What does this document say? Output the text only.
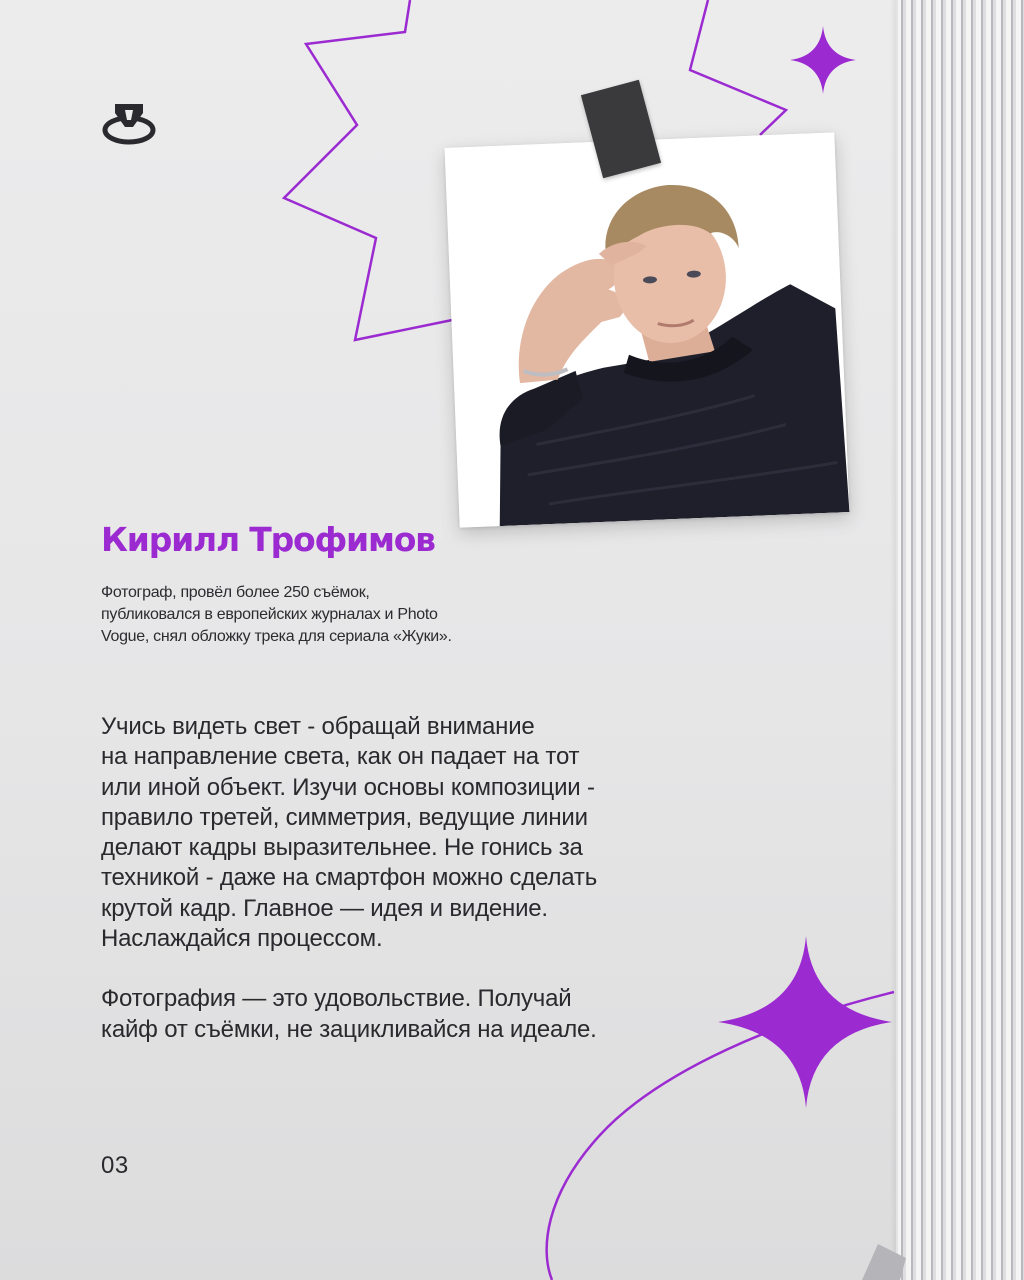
Кирилл Трофимов

Фотограф, провёл более 250 съёмок,
публиковался в европейских журналах и Photo
Vogue, снял обложку трека для сериала «Жуки».

Учись видеть свет - обращай внимание
на направление света, как он падает на тот
или иной объект. Изучи основы композиции -
правило третей, симметрия, ведущие линии
делают кадры выразительнее. Не гонись за
техникой - даже на смартфон можно сделать
крутой кадр. Главное — идея и видение.
Наслаждайся процессом.
Фотография — это удовольствие. Получай
кайф от съёмки, не зацикливайся на идеале.

03
